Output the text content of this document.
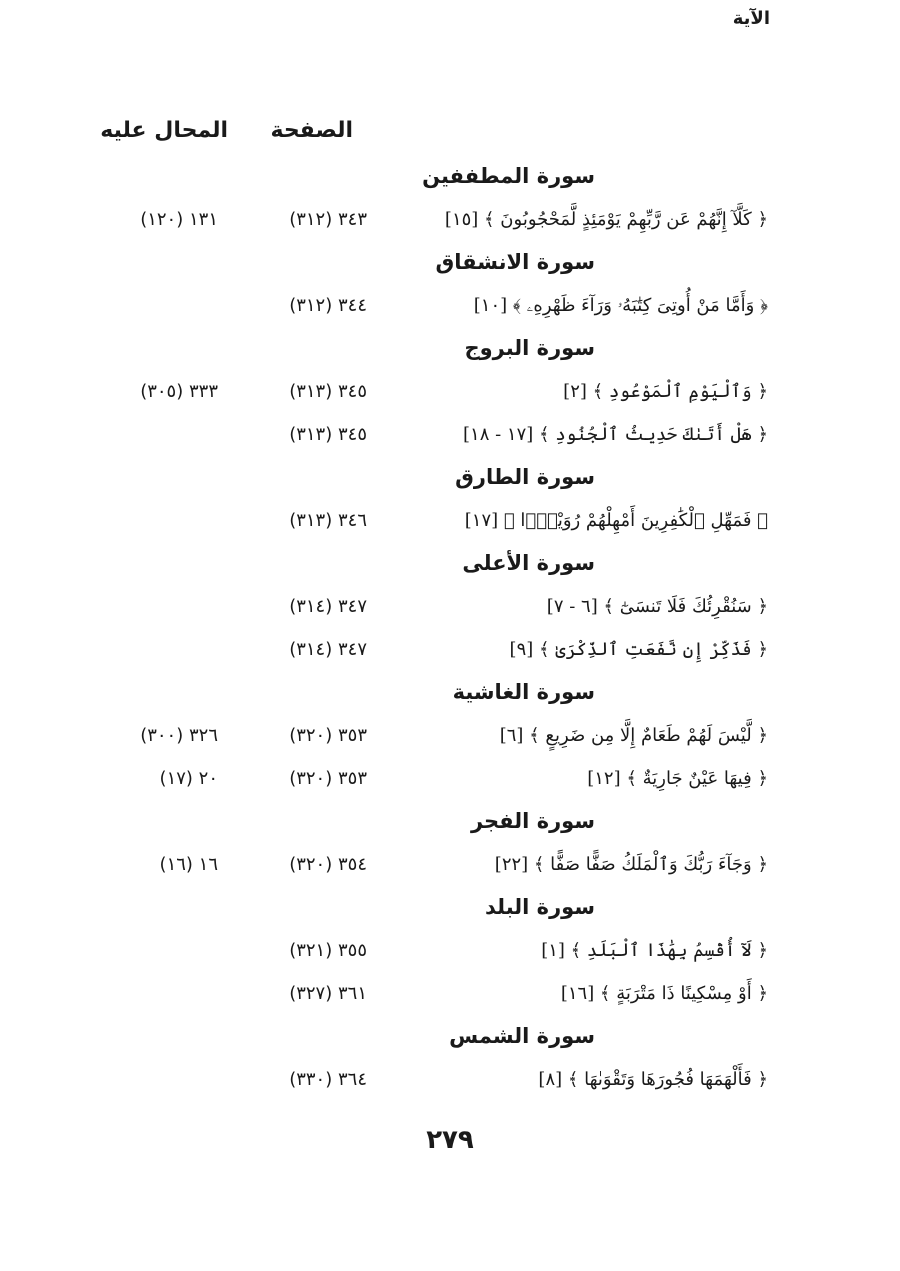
الآية
الصفحة
المحال عليه
سورة المطففين
﴿ كَلَّآ إِنَّهُمْ عَن رَّبِّهِمْ يَوْمَئِذٍ لَّمَحْجُوبُونَ ﴾ [١٥]
٣٤٣ (٣١٢)
١٣١ (١٢٠)
سورة الانشقاق
﴿ وَأَمَّا مَنْ أُوتِىَ كِتَٰبَهُۥ وَرَآءَ ظَهْرِهِۦ ﴾ [١٠]
٣٤٤ (٣١٢)
سورة البروج
﴿ وَٱلْيَوْمِ ٱلْمَوْعُودِ ﴾ [٢]
٣٤٥ (٣١٣)
٣٣٣ (٣٠٥)
﴿ هَلْ أَتَىٰكَ حَدِيثُ ٱلْجُنُودِ ﴾ [١٧ - ١٨]
٣٤٥ (٣١٣)
سورة الطارق
﴿ فَمَهِّلِ ٱلْكَٰفِرِينَ أَمْهِلْهُمْ رُوَيْدًۢا ﴾ [١٧]
٣٤٦ (٣١٣)
سورة الأعلى
﴿ سَنُقْرِئُكَ فَلَا تَنسَىٰٓ ﴾ [٦ - ٧]
٣٤٧ (٣١٤)
﴿ فَذَكِّرْ إِن نَّفَعَتِ ٱلذِّكْرَىٰ ﴾ [٩]
٣٤٧ (٣١٤)
سورة الغاشية
﴿ لَّيْسَ لَهُمْ طَعَامٌ إِلَّا مِن ضَرِيعٍ ﴾ [٦]
٣٥٣ (٣٢٠)
٣٢٦ (٣٠٠)
﴿ فِيهَا عَيْنٌ جَارِيَةٌ ﴾ [١٢]
٣٥٣ (٣٢٠)
٢٠ (١٧)
سورة الفجر
﴿ وَجَآءَ رَبُّكَ وَٱلْمَلَكُ صَفًّا صَفًّا ﴾ [٢٢]
٣٥٤ (٣٢٠)
١٦ (١٦)
سورة البلد
﴿ لَآ أُقْسِمُ بِهَٰذَا ٱلْبَلَدِ ﴾ [١]
٣٥٥ (٣٢١)
﴿ أَوْ مِسْكِينًا ذَا مَتْرَبَةٍ ﴾ [١٦]
٣٦١ (٣٢٧)
سورة الشمس
﴿ فَأَلْهَمَهَا فُجُورَهَا وَتَقْوَىٰهَا ﴾ [٨]
٣٦٤ (٣٣٠)
٢٧٩
